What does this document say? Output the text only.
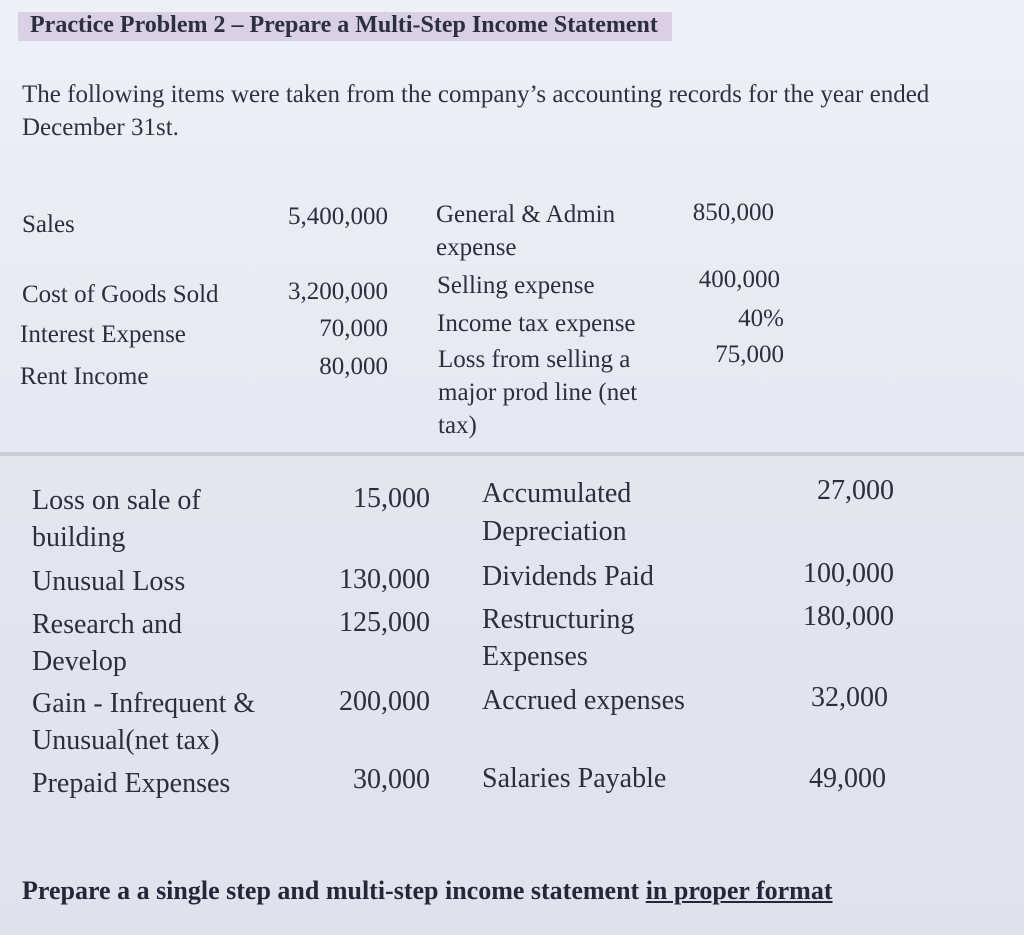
Practice Problem 2 – Prepare a Multi-Step Income Statement
The following items were taken from the company’s accounting records for the year ended December 31st.
Sales	5,400,000
Cost of Goods Sold	3,200,000
Interest Expense	70,000
Rent Income	80,000
General & Admin
expense
850,000
Selling expense	400,000
Income tax expense	40%
Loss from selling a
major prod line (net
tax)
75,000
Loss on sale of
building
15,000
Unusual Loss	130,000
Research and
Develop
125,000
Gain - Infrequent &
Unusual(net tax)
200,000
Prepaid Expenses	30,000
Accumulated
Depreciation
27,000
Dividends Paid	100,000
Restructuring
Expenses
180,000
Accrued expenses	32,000
Salaries Payable	49,000
Prepare a a single step and multi-step income statement in proper format
